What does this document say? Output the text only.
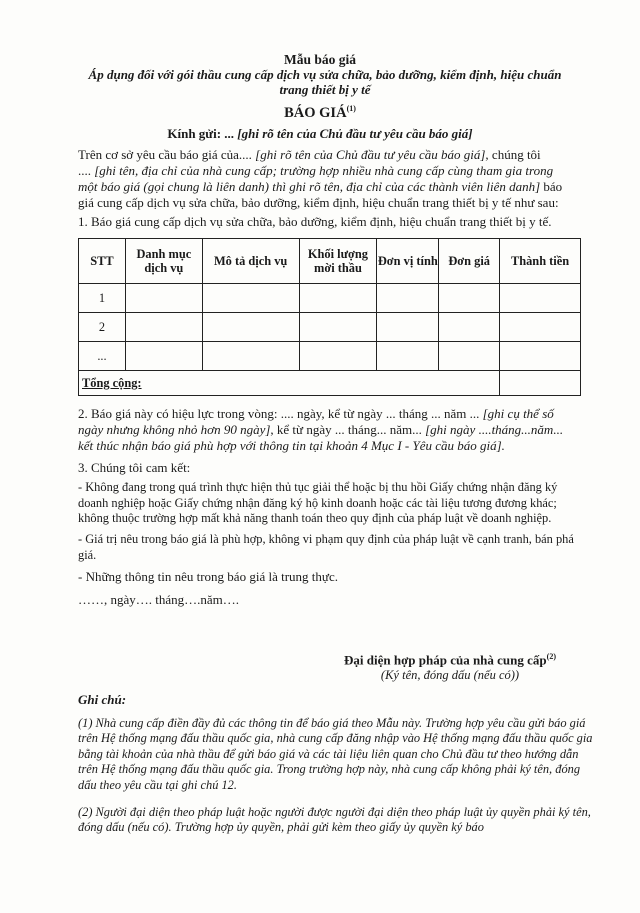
Mẫu báo giá
Áp dụng đối với gói thầu cung cấp dịch vụ sửa chữa, bảo dưỡng, kiểm định, hiệu chuẩn
trang thiết bị y tế
BÁO GIÁ$^{(1)}$
Kính gửi: ... [ghi rõ tên của Chủ đầu tư yêu cầu báo giá]
Trên cơ sở yêu cầu báo giá của.... [ghi rõ tên của Chủ đầu tư yêu cầu báo giá], chúng tôi
.... [ghi tên, địa chỉ của nhà cung cấp; trường hợp nhiều nhà cung cấp cùng tham gia trong
một báo giá (gọi chung là liên danh) thì ghi rõ tên, địa chỉ của các thành viên liên danh] báo
giá cung cấp dịch vụ sửa chữa, bảo dưỡng, kiểm định, hiệu chuẩn trang thiết bị y tế như sau:
1. Báo giá cung cấp dịch vụ sửa chữa, bảo dưỡng, kiểm định, hiệu chuẩn trang thiết bị y tế.
STT	Danh mục dịch vụ	Mô tả dịch vụ	Khối lượng mời thầu	Đơn vị tính	Đơn giá	Thành tiền
1						
2						
...						
Tổng cộng:						
2. Báo giá này có hiệu lực trong vòng: .... ngày, kể từ ngày ... tháng ... năm ... [ghi cụ thể số
ngày nhưng không nhỏ hơn 90 ngày], kể từ ngày ... tháng... năm... [ghi ngày ....tháng...năm...
kết thúc nhận báo giá phù hợp với thông tin tại khoản 4 Mục I - Yêu cầu báo giá].
3. Chúng tôi cam kết:
- Không đang trong quá trình thực hiện thủ tục giải thể hoặc bị thu hồi Giấy chứng nhận đăng ký doanh nghiệp hoặc Giấy chứng nhận đăng ký hộ kinh doanh hoặc các tài liệu tương đương khác; không thuộc trường hợp mất khả năng thanh toán theo quy định của pháp luật về doanh nghiệp.
- Giá trị nêu trong báo giá là phù hợp, không vi phạm quy định của pháp luật về cạnh tranh, bán phá giá.
- Những thông tin nêu trong báo giá là trung thực.
……, ngày…. tháng….năm….
Đại diện hợp pháp của nhà cung cấp$^{(2)}$
(Ký tên, đóng dấu (nếu có))
Ghi chú:
(1) Nhà cung cấp điền đầy đủ các thông tin để báo giá theo Mẫu này. Trường hợp yêu cầu gửi báo giá trên Hệ thống mạng đấu thầu quốc gia, nhà cung cấp đăng nhập vào Hệ thống mạng đấu thầu quốc gia bằng tài khoản của nhà thầu để gửi báo giá và các tài liệu liên quan cho Chủ đầu tư theo hướng dẫn trên Hệ thống mạng đấu thầu quốc gia. Trong trường hợp này, nhà cung cấp không phải ký tên, đóng dấu theo yêu cầu tại ghi chú 12.
(2) Người đại diện theo pháp luật hoặc người được người đại diện theo pháp luật ủy quyền phải ký tên, đóng dấu (nếu có). Trường hợp ủy quyền, phải gửi kèm theo giấy ủy quyền ký báo
